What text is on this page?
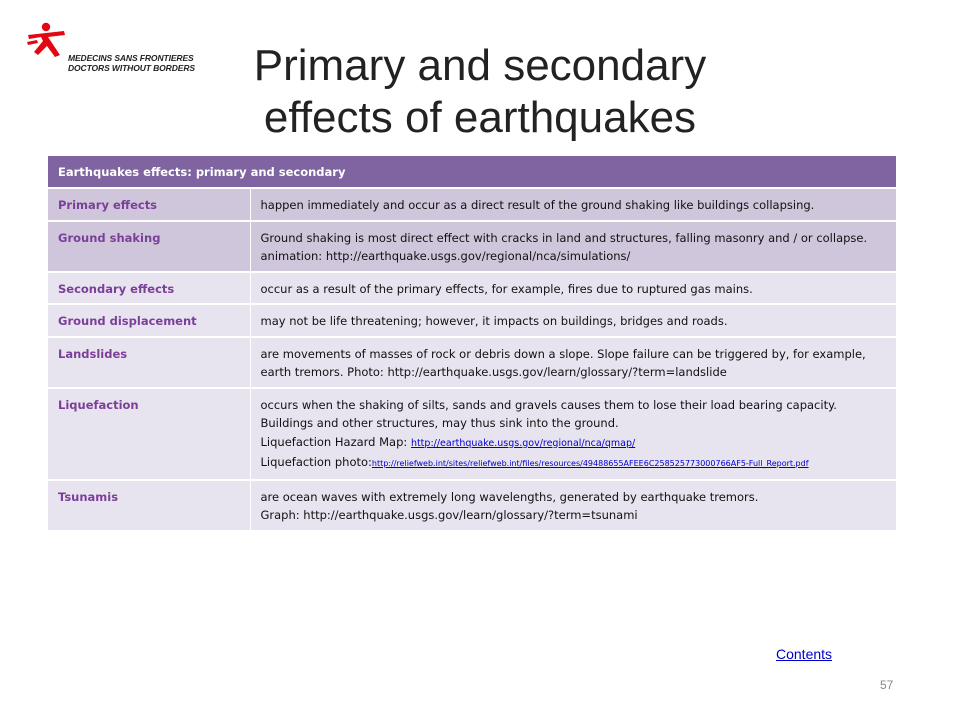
MEDECINS SANS FRONTIERES
DOCTORS WITHOUT BORDERS	Primary and secondary
effects of earthquakes
Earthquakes effects: primary and secondary	
Primary effects	happen immediately and occur as a direct result of the ground shaking like buildings collapsing.
Ground shaking	Ground shaking is most direct effect with cracks in land and structures, falling masonry and / or collapse.
animation: http://earthquake.usgs.gov/regional/nca/simulations/

Secondary effects	occur as a result of the primary effects, for example, fires due to ruptured gas mains.
Ground displacement	may not be life threatening; however, it impacts on buildings, bridges and roads.
Landslides	are movements of masses of rock or debris down a slope. Slope failure can be triggered by, for example, earth tremors. Photo: http://earthquake.usgs.gov/learn/glossary/?term=landslide
Liquefaction	occurs when the shaking of silts, sands and gravels causes them to lose their load bearing capacity. Buildings and other structures, may thus sink into the ground.
Liquefaction Hazard Map: http://earthquake.usgs.gov/regional/nca/qmap/
Liquefaction photo:http://reliefweb.int/sites/reliefweb.int/files/resources/49488655AFEE6C258525773000766AF5-Full_Report.pdf

Tsunamis	are ocean waves with extremely long wavelengths, generated by earthquake tremors.
Graph: http://earthquake.usgs.gov/learn/glossary/?term=tsunami
Contents
57
